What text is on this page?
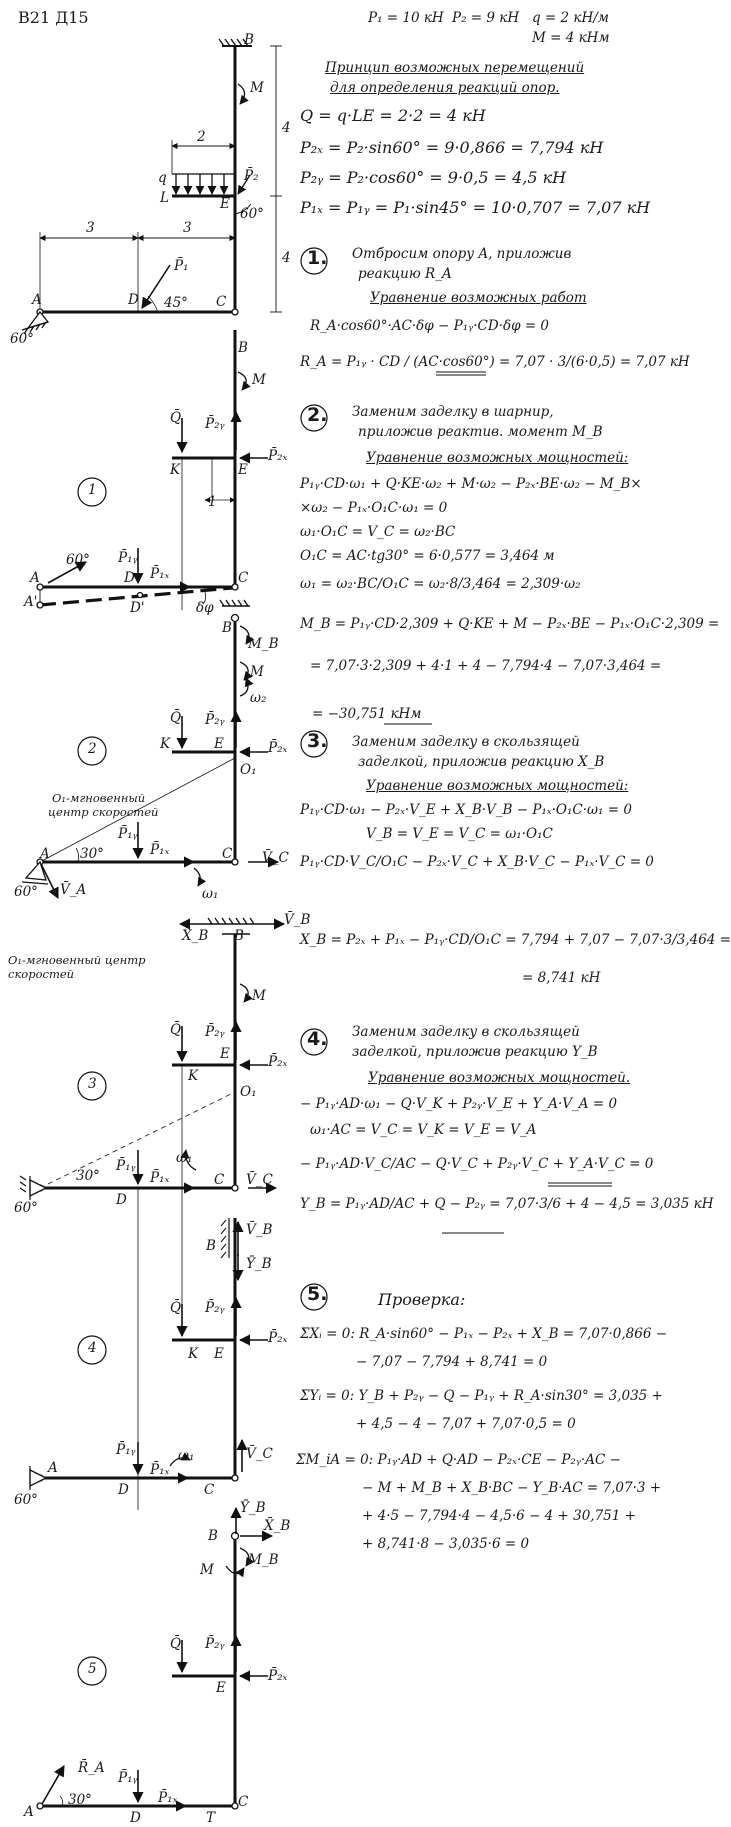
B
M
2
q
L
P̄₂
E
60°
4
4
3	3
P̄₁
45°
D
A	C
60°
B
M
Q̄ P̄₂ᵧ
K	E
P̄₂ₓ
1
1
A
60° P̄₁ᵧ
D P̄₁ₓ	C
A'	D'	δφ
B
M_B
M
ω₂
Q̄ P̄₂ᵧ
K	E	P̄₂ₓ
O₁
2
O₁-мгновенный
центр скоростей
P̄₁ᵧ
P̄₁ₓ
A 30°	C V̄_C
V̄_A
60°	ω₁
X̄_B B
V̄_B
O₁-мгновенный центр
скоростей
M
Q̄ P̄₂ᵧ
E	P̄₂ₓ
K
O₁
3
30°
P̄₁ᵧ
P̄₁ₓ
ω₁
D
C V̄_C
60°
B
V̄_B
Ȳ_B
Q̄ P̄₂ᵧ
K E
P̄₂ₓ
4
P̄₁ᵧ	ω₁
P̄₁ₓ
V̄_C
A
D	C
60°	Ȳ_B
B
X̄_B
M_B
M
Q̄ P̄₂ᵧ
E
P̄₂ₓ
5
R̄_A
P̄₁ᵧ
P̄₁ₓ
A
30°
D	T
C
В21 Д15	P₁ = 10 кН P₂ = 9 кН q = 2 кН/м
M = 4 кНм
Принцип возможных перемещений
для определения реакций опор.
Q = q·LE = 2·2 = 4 кН
P₂ₓ = P₂·sin60° = 9·0,866 = 7,794 кН
P₂ᵧ = P₂·cos60° = 9·0,5 = 4,5 кН
P₁ₓ = P₁ᵧ = P₁·sin45° = 10·0,707 = 7,07 кН
1. Отбросим опору A, приложив
реакцию R_A
Уравнение возможных работ
R_A·cos60°·AC·δφ − P₁ᵧ·CD·δφ = 0
R_A = P₁ᵧ · CD / (AC·cos60°) = 7,07 · 3/(6·0,5) = 7,07 кН
2. Заменим заделку в шарнир,
приложив реактив. момент M_B
Уравнение возможных мощностей:
P₁ᵧ·CD·ω₁ + Q·KE·ω₂ + M·ω₂ − P₂ₓ·BE·ω₂ − M_B×
×ω₂ − P₁ₓ·O₁C·ω₁ = 0
ω₁·O₁C = V_C = ω₂·BC
O₁C = AC·tg30° = 6·0,577 = 3,464 м
ω₁ = ω₂·BC/O₁C = ω₂·8/3,464 = 2,309·ω₂
M_B = P₁ᵧ·CD·2,309 + Q·KE + M − P₂ₓ·BE − P₁ₓ·O₁C·2,309 =
= 7,07·3·2,309 + 4·1 + 4 − 7,794·4 − 7,07·3,464 =
= −30,751 кНм
3. Заменим заделку в скользящей
заделкой, приложив реакцию X_B
Уравнение возможных мощностей:
P₁ᵧ·CD·ω₁ − P₂ₓ·V_E + X_B·V_B − P₁ₓ·O₁C·ω₁ = 0
V_B = V_E = V_C = ω₁·O₁C
P₁ᵧ·CD·V_C/O₁C − P₂ₓ·V_C + X_B·V_C − P₁ₓ·V_C = 0
X_B = P₂ₓ + P₁ₓ − P₁ᵧ·CD/O₁C = 7,794 + 7,07 − 7,07·3/3,464 =
= 8,741 кН
4. Заменим заделку в скользящей
заделкой, приложив реакцию Y_B
Уравнение возможных мощностей.
− P₁ᵧ·AD·ω₁ − Q·V_K + P₂ᵧ·V_E + Y_A·V_A = 0
ω₁·AC = V_C = V_K = V_E = V_A
− P₁ᵧ·AD·V_C/AC − Q·V_C + P₂ᵧ·V_C + Y_A·V_C = 0
Y_B = P₁ᵧ·AD/AC + Q − P₂ᵧ = 7,07·3/6 + 4 − 4,5 = 3,035 кН
5.	Проверка:
ΣXᵢ = 0: R_A·sin60° − P₁ₓ − P₂ₓ + X_B = 7,07·0,866 −
− 7,07 − 7,794 + 8,741 = 0
ΣYᵢ = 0: Y_B + P₂ᵧ − Q − P₁ᵧ + R_A·sin30° = 3,035 +
+ 4,5 − 4 − 7,07 + 7,07·0,5 = 0
ΣM_iA = 0: P₁ᵧ·AD + Q·AD − P₂ₓ·CE − P₂ᵧ·AC −
− M + M_B + X_B·BC − Y_B·AC = 7,07·3 +
+ 4·5 − 7,794·4 − 4,5·6 − 4 + 30,751 +
+ 8,741·8 − 3,035·6 = 0
